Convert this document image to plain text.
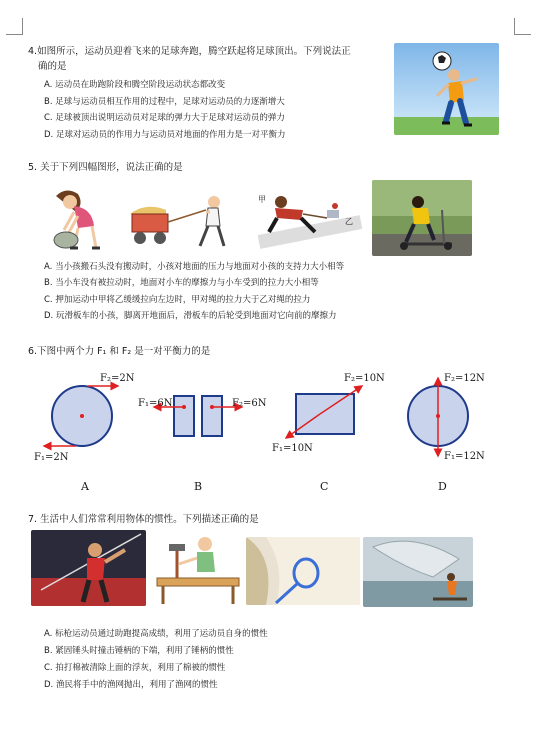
4.如图所示，运动员迎着飞来的足球奔跑，腾空跃起将足球顶出。下列说法正
确的是
A. 运动员在助跑阶段和腾空阶段运动状态都改变
B. 足球与运动员相互作用的过程中，足球对运动员的力逐渐增大
C. 足球被顶出说明运动员对足球的弹力大于足球对运动员的弹力
D. 足球对运动员的作用力与运动员对地面的作用力是一对平衡力
5. 关于下列四幅图形，说法正确的是
甲
乙
A. 当小孩搬石头没有搬动时，小孩对地面的压力与地面对小孩的支持力大小相等
B. 当小车没有被拉动时，地面对小车的摩擦力与小车受到的拉力大小相等
C. 押加运动中甲将乙缓缓拉向左边时，甲对绳的拉力大于乙对绳的拉力
D. 玩滑板车的小孩，脚离开地面后，滑板车的后轮受到地面对它向前的摩擦力
6.下图中两个力 F₁ 和 F₂ 是一对平衡力的是
F₂=2N
F₁=2N
F₁=6N	F₂=6N
F₂=10N
F₁=10N
F₂=12N
F₁=12N
A	B	C	D
7. 生活中人们常常利用物体的惯性。下列描述正确的是
A. 标枪运动员通过助跑提高成绩，利用了运动员自身的惯性
B. 紧固锤头时撞击锤柄的下端，利用了锤柄的惯性
C. 拍打棉被清除上面的浮灰，利用了棉被的惯性
D. 渔民将手中的渔网抛出，利用了渔网的惯性
